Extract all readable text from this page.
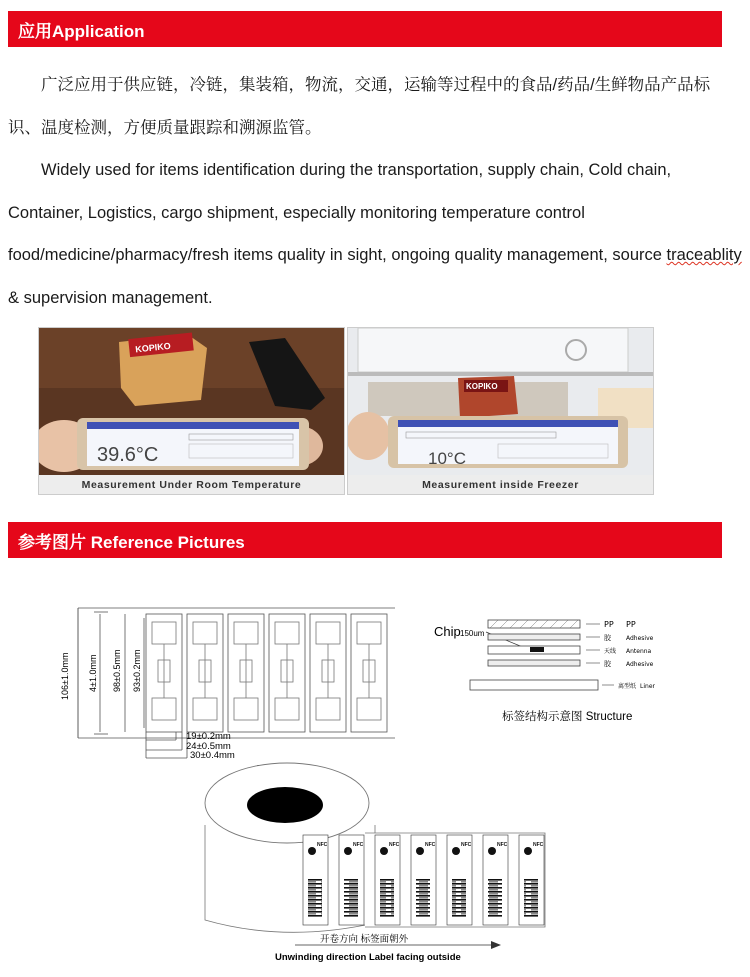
应用Application

广泛应用于供应链，冷链，集装箱，物流，交通，运输等过程中的食品/药品/生鲜物品产品标识、温度检测，方便质量跟踪和溯源监管。

Widely used for items identification during the transportation, supply chain, Cold chain, Container, Logistics, cargo shipment, especially monitoring temperature control food/medicine/pharmacy/fresh items quality in sight, ongoing quality management, source traceablity & supervision management.

KOPIKO
39.6°C
Measurement Under Room Temperature
KOPIKO
10°C
Measurement inside Freezer
参考图片 Reference Pictures
106±1.0mm 4±1.0mm 98±0.5mm 93±0.2mm
19±0.2mm
24±0.5mm
30±0.4mm
Chip 150um
PP PP
胶	Adhesive
天线 Antenna
胶	Adhesive
离型纸 Liner
标签结构示意图 Structure
NFC	NFC	NFC	NFC	NFC	NFC	NFC
开卷方向 标签面朝外
Unwinding direction Label facing outside
